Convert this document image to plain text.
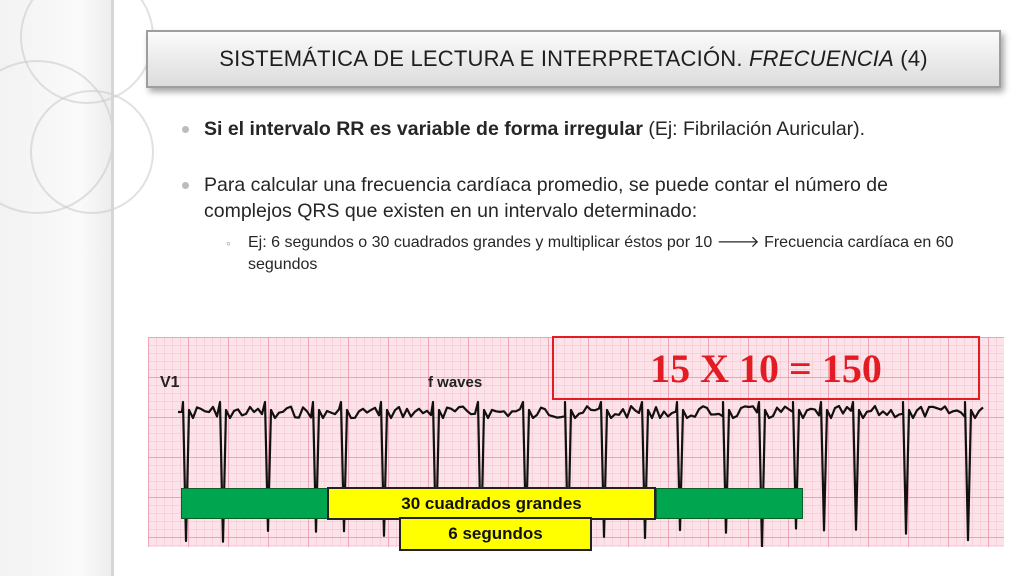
SISTEMÁTICA DE LECTURA E INTERPRETACIÓN. FRECUENCIA (4)
Si el intervalo RR es variable de forma irregular (Ej: Fibrilación Auricular).
Para calcular una frecuencia cardíaca promedio, se puede contar el número de complejos QRS que existen en un intervalo determinado:
◦ Ej: 6 segundos o 30 cuadrados grandes y multiplicar éstos por 10 🡒 Frecuencia cardíaca en 60 segundos
V1	f waves	15 X 10 = 150
30 cuadrados grandes
6 segundos
